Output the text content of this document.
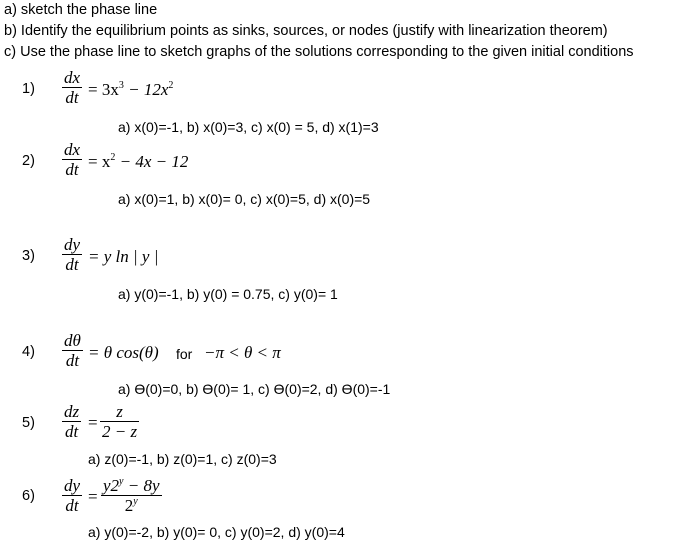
a) sketch the phase line
b) Identify the equilibrium points as sinks, sources, or nodes (justify with linearization theorem)
c) Use the phase line to sketch graphs of the solutions corresponding to the given initial conditions
1)
dx
dt = $3x^3 - 12x^2$
a) x(0)=-1, b) x(0)=3, c) x(0) = 5, d) x(1)=3
2)
dx
dt = $x^2 - 4x - 12$
a) x(0)=1, b) x(0)= 0, c) x(0)=5, d) x(0)=5
3)
dy
dt = y ln | y |
a) y(0)=-1, b) y(0) = 0.75, c) y(0)= 1
4)
dθ
dt = θ cos(θ) for −π < θ < π
a) ϴ(0)=0, b) ϴ(0)= 1, c) ϴ(0)=2, d) ϴ(0)=-1
5)
dz
dt =
z
2 − z
a) z(0)=-1, b) z(0)=1, c) z(0)=3
6)
dy
dt =
$y2^y - 8y$
2$^y$
a) y(0)=-2, b) y(0)= 0, c) y(0)=2, d) y(0)=4
